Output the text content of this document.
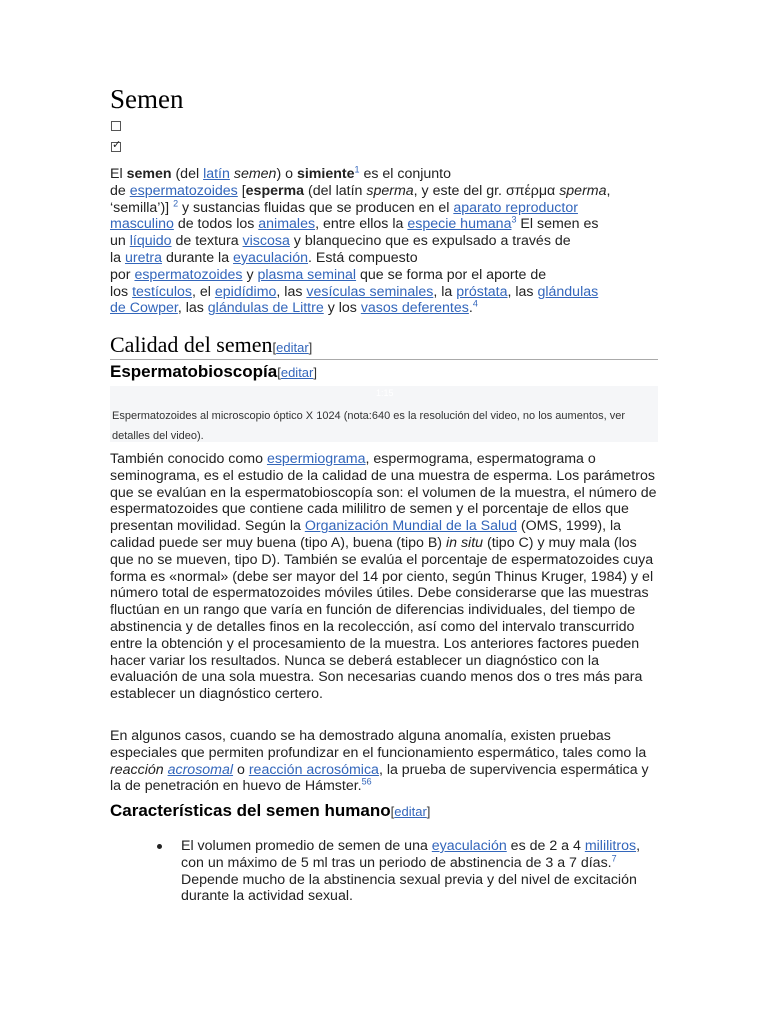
Semen
✓
El semen (del latín semen) o simiente$^1$ es el conjunto
de espermatozoides [esperma (del latín sperma, y este del gr. σπέρμα sperma,
‘semilla’)] $^2$ y sustancias fluidas que se producen en el aparato reproductor
masculino de todos los animales, entre ellos la especie humana$^3$ El semen es
un líquido de textura viscosa y blanquecino que es expulsado a través de
la uretra durante la eyaculación. Está compuesto
por espermatozoides y plasma seminal que se forma por el aporte de
los testículos, el epidídimo, las vesículas seminales, la próstata, las glándulas
de Cowper, las glándulas de Littre y los vasos deferentes.$^4$
Calidad del semen[editar]
Espermatobioscopía[editar]
1:15
Espermatozoides al microscopio óptico X 1024 (nota:640 es la resolución del video, no los aumentos, ver detalles del video).
También conocido como espermiograma, espermograma, espermatograma o seminograma, es el estudio de la calidad de una muestra de esperma. Los parámetros que se evalúan en la espermatobioscopía son: el volumen de la muestra, el número de espermatozoides que contiene cada mililitro de semen y el porcentaje de ellos que presentan movilidad. Según la Organización Mundial de la Salud (OMS, 1999), la calidad puede ser muy buena (tipo A), buena (tipo B) in situ (tipo C) y muy mala (los que no se mueven, tipo D). También se evalúa el porcentaje de espermatozoides cuya forma es «normal» (debe ser mayor del 14 por ciento, según Thinus Kruger, 1984) y el número total de espermatozoides móviles útiles. Debe considerarse que las muestras fluctúan en un rango que varía en función de diferencias individuales, del tiempo de abstinencia y de detalles finos en la recolección, así como del intervalo transcurrido entre la obtención y el procesamiento de la muestra. Los anteriores factores pueden hacer variar los resultados. Nunca se deberá establecer un diagnóstico con la evaluación de una sola muestra. Son necesarias cuando menos dos o tres más para establecer un diagnóstico certero.
En algunos casos, cuando se ha demostrado alguna anomalía, existen pruebas especiales que permiten profundizar en el funcionamiento espermático, tales como la reacción acrosomal o reacción acrosómica, la prueba de supervivencia espermática y la de penetración en huevo de Hámster.$^{56}$
Características del semen humano[editar]
El volumen promedio de semen de una eyaculación es de 2 a 4 mililitros, con un máximo de 5 ml tras un periodo de abstinencia de 3 a 7 días.$^7$ Depende mucho de la abstinencia sexual previa y del nivel de excitación durante la actividad sexual.
